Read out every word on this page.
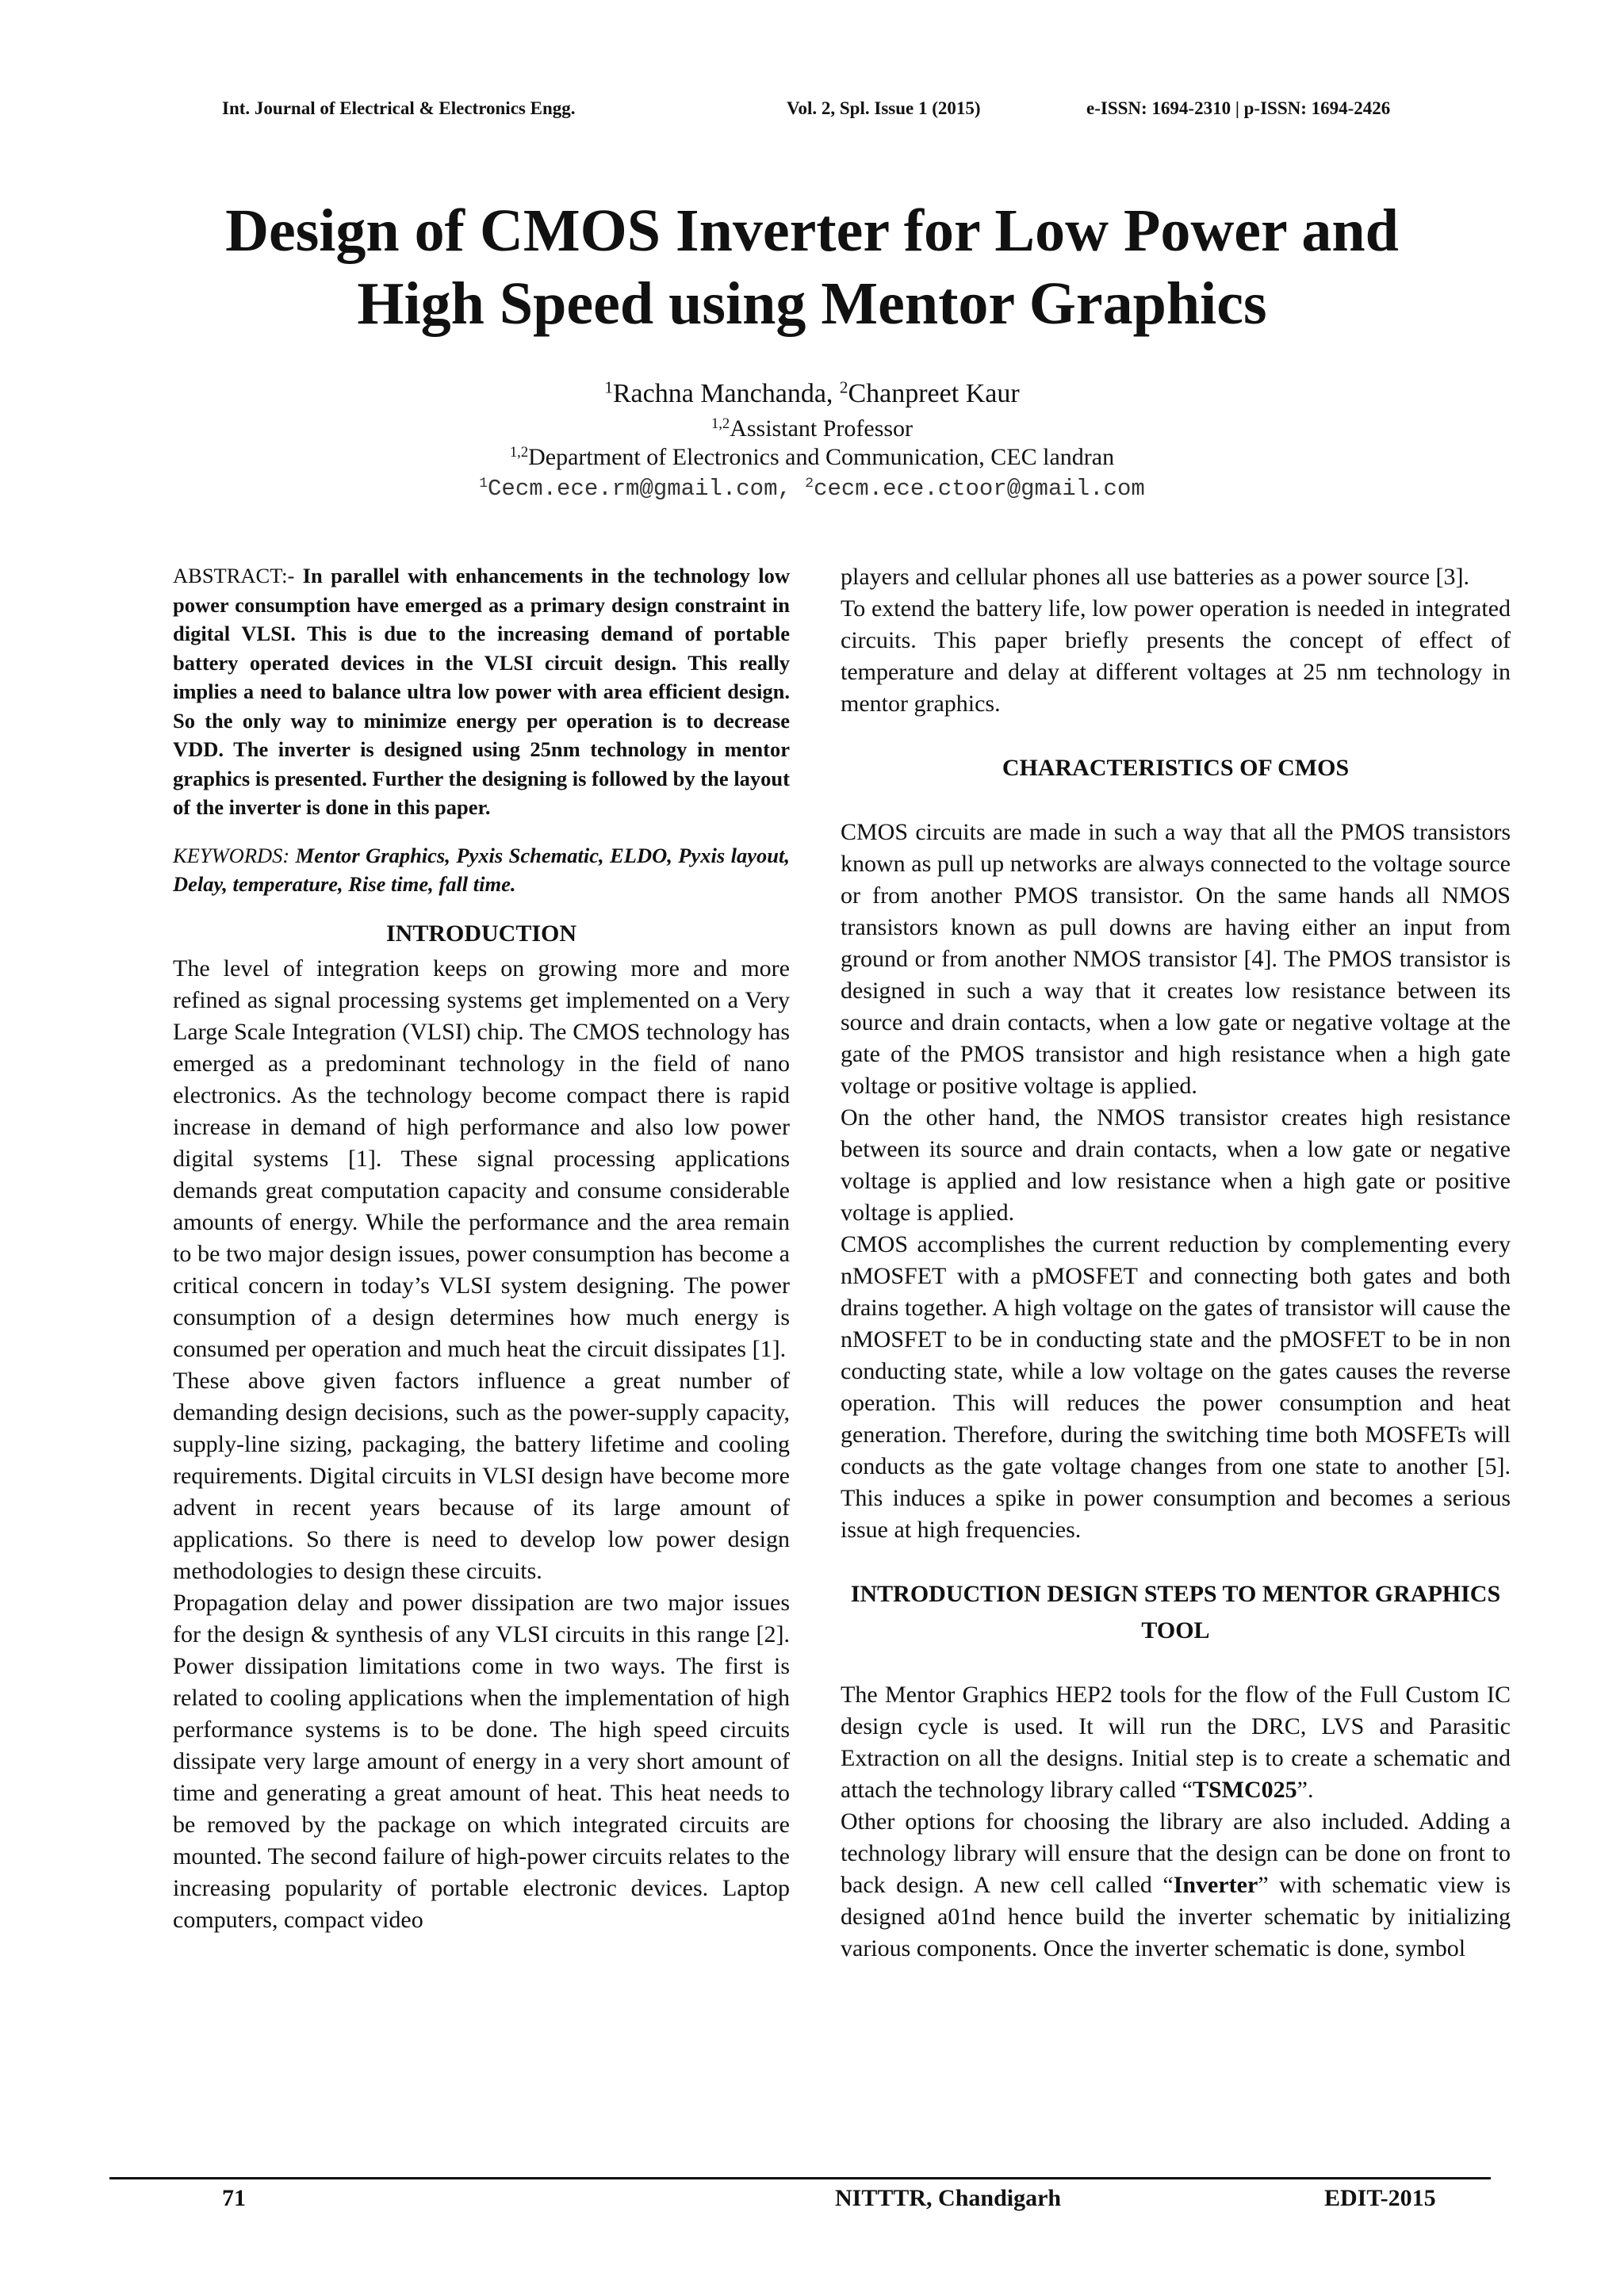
Int. Journal of Electrical & Electronics Engg.	Vol. 2, Spl. Issue 1 (2015)	e-ISSN: 1694-2310 | p-ISSN: 1694-2426
Design of CMOS Inverter for Low Power and
High Speed using Mentor Graphics
$^1$Rachna Manchanda, $^2$Chanpreet Kaur
$^{1,2}$Assistant Professor
$^{1,2}$Department of Electronics and Communication, CEC landran
$^1$Cecm.ece.rm@gmail.com, $^2$cecm.ece.ctoor@gmail.com

ABSTRACT:- In parallel with enhancements in the technology low power consumption have emerged as a primary design constraint in digital VLSI. This is due to the increasing demand of portable battery operated devices in the VLSI circuit design. This really implies a need to balance ultra low power with area efficient design. So the only way to minimize energy per operation is to decrease VDD. The inverter is designed using 25nm technology in mentor graphics is presented. Further the designing is followed by the layout of the inverter is done in this paper.

KEYWORDS: Mentor Graphics, Pyxis Schematic, ELDO, Pyxis layout, Delay, temperature, Rise time, fall time.

INTRODUCTION

The level of integration keeps on growing more and more refined as signal processing systems get implemented on a Very Large Scale Integration (VLSI) chip. The CMOS technology has emerged as a predominant technology in the field of nano electronics. As the technology become compact there is rapid increase in demand of high performance and also low power digital systems [1]. These signal processing applications demands great computation capacity and consume considerable amounts of energy. While the performance and the area remain to be two major design issues, power consumption has become a critical concern in today’s VLSI system designing. The power consumption of a design determines how much energy is consumed per operation and much heat the circuit dissipates [1].

These above given factors influence a great number of demanding design decisions, such as the power-supply capacity, supply-line sizing, packaging, the battery lifetime and cooling requirements. Digital circuits in VLSI design have become more advent in recent years because of its large amount of applications. So there is need to develop low power design methodologies to design these circuits.

Propagation delay and power dissipation are two major issues for the design & synthesis of any VLSI circuits in this range [2]. Power dissipation limitations come in two ways. The first is related to cooling applications when the implementation of high performance systems is to be done. The high speed circuits dissipate very large amount of energy in a very short amount of time and generating a great amount of heat. This heat needs to be removed by the package on which integrated circuits are mounted. The second failure of high-power circuits relates to the increasing popularity of portable electronic devices. Laptop computers, compact video

players and cellular phones all use batteries as a power source [3].

To extend the battery life, low power operation is needed in integrated circuits. This paper briefly presents the concept of effect of temperature and delay at different voltages at 25 nm technology in mentor graphics.

CHARACTERISTICS OF CMOS

CMOS circuits are made in such a way that all the PMOS transistors known as pull up networks are always connected to the voltage source or from another PMOS transistor. On the same hands all NMOS transistors known as pull downs are having either an input from ground or from another NMOS transistor [4]. The PMOS transistor is designed in such a way that it creates low resistance between its source and drain contacts, when a low gate or negative voltage at the gate of the PMOS transistor and high resistance when a high gate voltage or positive voltage is applied.

On the other hand, the NMOS transistor creates high resistance between its source and drain contacts, when a low gate or negative voltage is applied and low resistance when a high gate or positive voltage is applied.

CMOS accomplishes the current reduction by complementing every nMOSFET with a pMOSFET and connecting both gates and both drains together. A high voltage on the gates of transistor will cause the nMOSFET to be in conducting state and the pMOSFET to be in non conducting state, while a low voltage on the gates causes the reverse operation. This will reduces the power consumption and heat generation. Therefore, during the switching time both MOSFETs will conducts as the gate voltage changes from one state to another [5]. This induces a spike in power consumption and becomes a serious issue at high frequencies.

INTRODUCTION DESIGN STEPS TO MENTOR GRAPHICS TOOL

The Mentor Graphics HEP2 tools for the flow of the Full Custom IC design cycle is used. It will run the DRC, LVS and Parasitic Extraction on all the designs. Initial step is to create a schematic and attach the technology library called “TSMC025”.

Other options for choosing the library are also included. Adding a technology library will ensure that the design can be done on front to back design. A new cell called “Inverter” with schematic view is designed a01nd hence build the inverter schematic by initializing various components. Once the inverter schematic is done, symbol

71	NITTTR, Chandigarh	EDIT-2015
